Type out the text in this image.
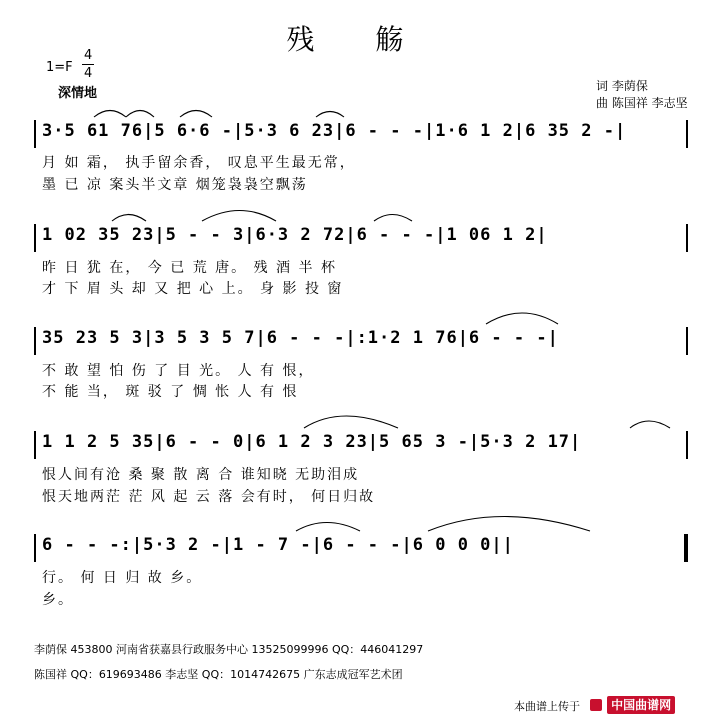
残 觞
1=F
4
4
深情地	词 李荫保
曲 陈国祥 李志坚
3·5 61 76|5 6·6 -|5·3 6 23|6 - - -|1·6 1 2|6 35 2 -|
月 如 霜， 执手留余香， 叹息平生最无常，
墨 已 凉 案头半文章 烟笼袅袅空飘荡
1 02 35 23|5 - - 3|6·3 2 72|6 - - -|1 06 1 2|
昨 日 犹 在， 今 已 荒 唐。 残 酒 半 杯
才 下 眉 头 却 又 把 心 上。 身 影 投 窗
35 23 5 3|3 5 3 5 7|6 - - -|:1·2 1 76|6 - - -|
不 敢 望 怕 伤 了 目 光。 人 有 恨，
不 能 当， 斑 驳 了 惆 怅 人 有 恨
1 1 2 5 35|6 - - 0|6 1 2 3 23|5 65 3 -|5·3 2 17|
恨人间有沧 桑 聚 散 离 合 谁知晓 无助泪成
恨天地两茫 茫 风 起 云 落 会有时， 何日归故
6 - - -:|5·3 2 -|1 - 7 -|6 - - -|6 0 0 0||
行。 何 日 归 故 乡。
乡。
李荫保 453800 河南省获嘉县行政服务中心 13525099996 QQ：446041297
陈国祥 QQ：619693486 李志坚 QQ：1014742675 广东志成冠军艺术团
本曲谱上传于	中国曲谱网
